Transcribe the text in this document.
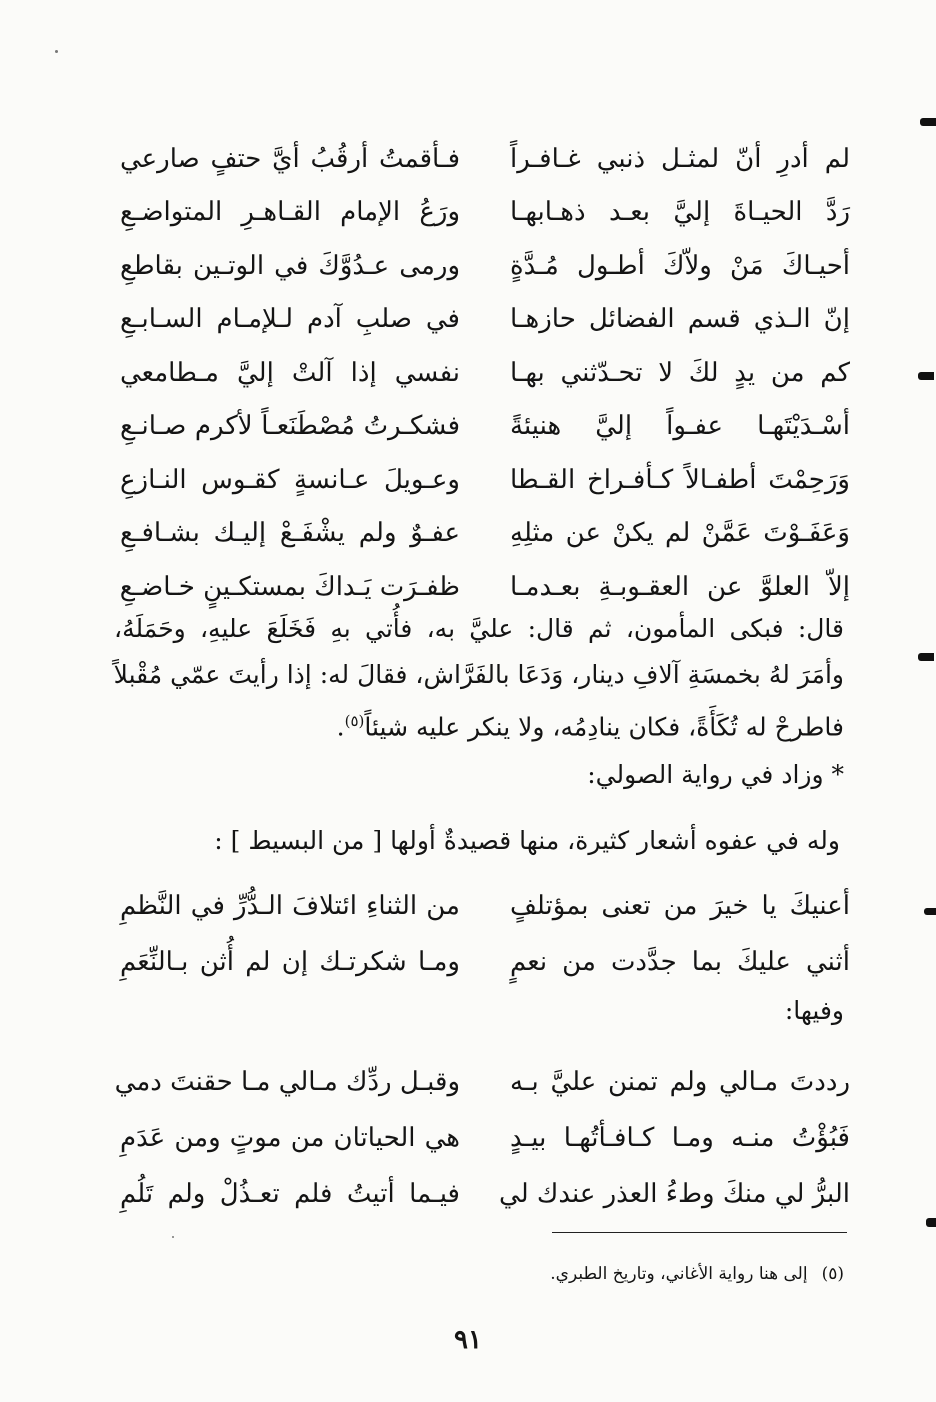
لم أدرِ أنّ لمثـل ذنبي غـافـراً
فـأقمتُ أرقُبُ أيَّ حتفٍ صارعي
رَدَّ الحيـاةَ إليَّ بعـد ذهـابهـا
ورَعُ الإمام القـاهـرِ المتواضـعِ
أحيـاكَ مَنْ ولاّكَ أطـول مُـدَّةٍ
ورمى عـدُوَّكَ في الوتـين بقاطعِ
إنّ الـذي قسم الفضائل حازهـا
في صلبِ آدم لـلإمـام السـابـعِ
كم من يدٍ لكَ لا تحـدّثني بهـا
نفسي إذا آلتْ إليَّ مـطامعي
أسْـدَيْتَهـا عفـواً إليَّ هنيئةً
فشكـرتُ مُصْطَنَعـاً لأكرم صـانـعِ
وَرَحِمْتَ أطفـالاً كـأفـراخ القـطا
وعـويلَ عـانسةٍ كقـوس النـازعِ
وَعَفَـوْتَ عَمَّنْ لم يكنْ عن مثلِهِ
عفـوٌ ولم يشْفَـعْ إليـك بشـافـعِ
إلاّ العلوَّ عن العقـوبـةِ بعـدمـا
ظفـرَت يَـداكَ بمستكـينٍ خـاضـعِ
قال: فبكى المأمون، ثم قال: عليَّ به، فأُتي بهِ فَخَلَعَ عليهِ، وحَمَلَهُ،
وأمَرَ لهُ بخمسَةِ آلافِ دينار، وَدَعَا بالفَرَّاش، فقالَ له: إذا رأيتَ عمّي مُقْبلاً
فاطرحْ له تُكَأَةً، فكان ينادِمُه، ولا ينكر عليه شيئاً$^{(٥)}$.
* وزاد في رواية الصولي:
وله في عفوه أشعار كثيرة، منها قصيدةٌ أولها [ من البسيط ] :
أعنيكَ يا خيرَ من تعنى بمؤتلفٍ
من الثناءِ ائتلافَ الـدُّرِّ في النَّظمِ
أثني عليكَ بما جدَّدت من نعمٍ
ومـا شكرتـك إن لم أُثن بـالنِّعَمِ
وفيها:
رددتَ مـالي ولم تمنن عليَّ بـه
وقبـل ردِّك مـالي مـا حقنتَ دمي
فَبُؤْتُ منـه ومـا كـافـأتُهـا بيـدٍ
هي الحياتان من موتٍ ومن عَدَمِ
البرُّ لي منكَ وطءُ العذر عندك لي
فيـما أتيتُ فلم تعـذُلْ ولم تَلُمِ
(٥)إلى هنا رواية الأغاني، وتاريخ الطبري.
٩١
